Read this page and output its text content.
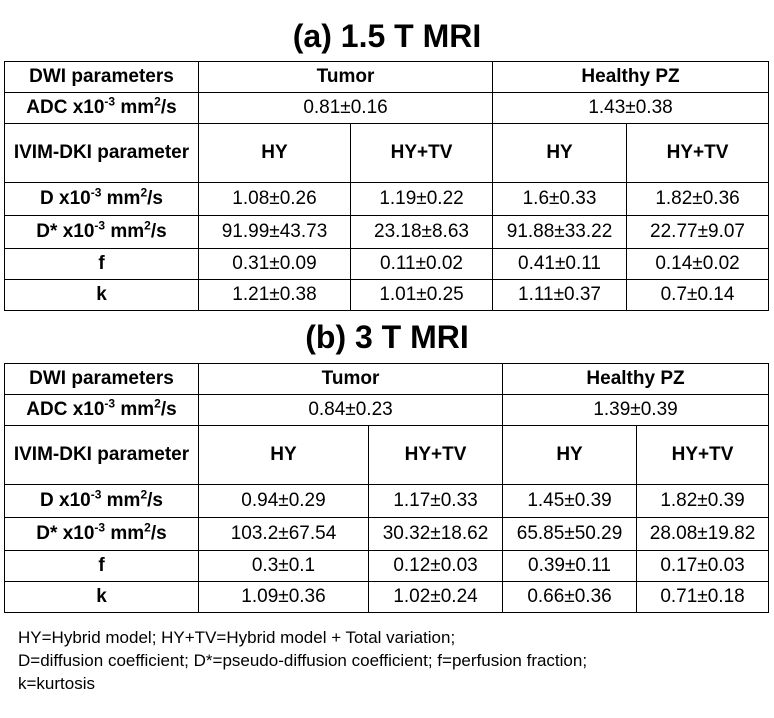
(a) 1.5 T MRI
DWI parameters	Tumor		Healthy PZ	
ADC $x10^{-3}$ $mm^2/s$	0.81±0.16		1.43±0.38	
IVIM-DKI parameter	HY	HY+TV	HY	HY+TV
D $x10^{-3}$ $mm^2/s$	1.08±0.26	1.19±0.22	1.6±0.33	1.82±0.36
D* $x10^{-3}$ $mm^2/s$	91.99±43.73	23.18±8.63	91.88±33.22	22.77±9.07
f	0.31±0.09	0.11±0.02	0.41±0.11	0.14±0.02
k	1.21±0.38	1.01±0.25	1.11±0.37	0.7±0.14
(b) 3 T MRI
DWI parameters	Tumor		Healthy PZ	
ADC $x10^{-3}$ $mm^2/s$	0.84±0.23		1.39±0.39	
IVIM-DKI parameter	HY	HY+TV	HY	HY+TV
D $x10^{-3}$ $mm^2/s$	0.94±0.29	1.17±0.33	1.45±0.39	1.82±0.39
D* $x10^{-3}$ $mm^2/s$	103.2±67.54	30.32±18.62	65.85±50.29	28.08±19.82
f	0.3±0.1	0.12±0.03	0.39±0.11	0.17±0.03
k	1.09±0.36	1.02±0.24	0.66±0.36	0.71±0.18
HY=Hybrid model; HY+TV=Hybrid model + Total variation;
D=diffusion coefficient; D*=pseudo-diffusion coefficient; f=perfusion fraction;
k=kurtosis
